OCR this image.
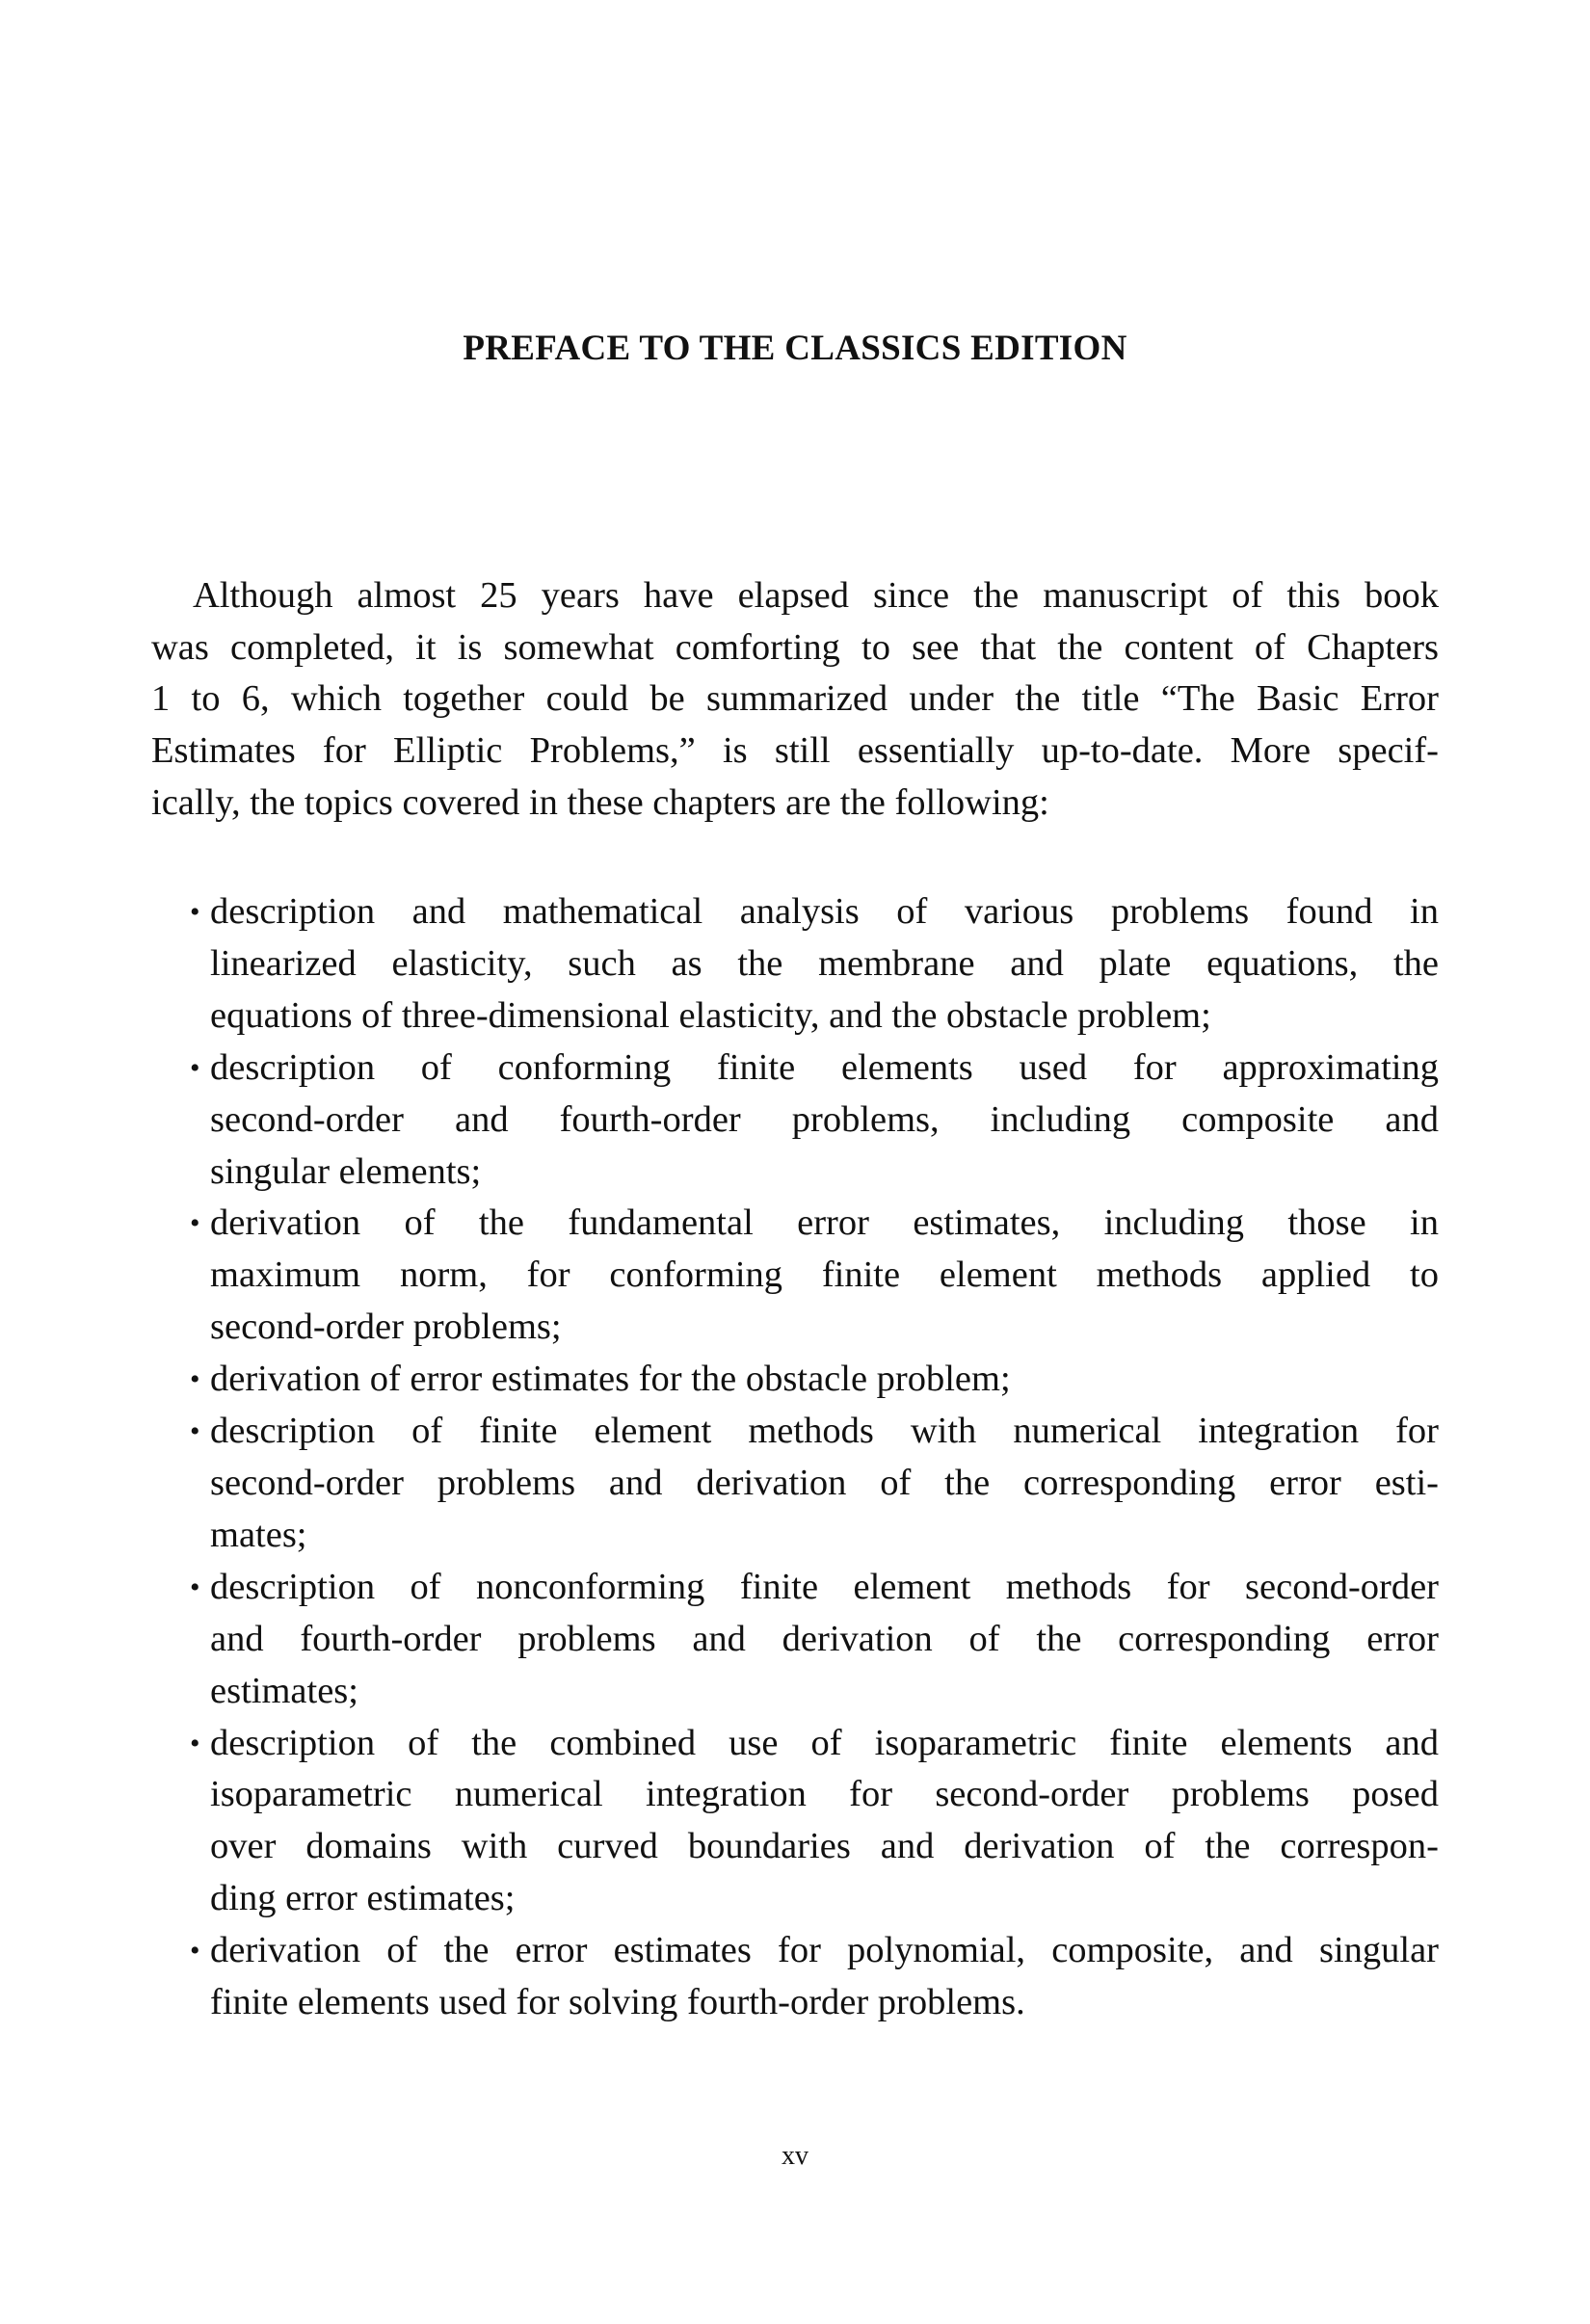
PREFACE TO THE CLASSICS EDITION
Although almost 25 years have elapsed since the manuscript of this book
was completed, it is somewhat comforting to see that the content of Chapters
1 to 6, which together could be summarized under the title “The Basic Error
Estimates for Elliptic Problems,” is still essentially up-to-date. More specif-
ically, the topics covered in these chapters are the following:
• description and mathematical analysis of various problems found in
linearized elasticity, such as the membrane and plate equations, the
equations of three-dimensional elasticity, and the obstacle problem;
• description of conforming finite elements used for approximating
second-order and fourth-order problems, including composite and
singular elements;
• derivation of the fundamental error estimates, including those in
maximum norm, for conforming finite element methods applied to
second-order problems;
• derivation of error estimates for the obstacle problem;
• description of finite element methods with numerical integration for
second-order problems and derivation of the corresponding error esti-
mates;
• description of nonconforming finite element methods for second-order
and fourth-order problems and derivation of the corresponding error
estimates;
• description of the combined use of isoparametric finite elements and
isoparametric numerical integration for second-order problems posed
over domains with curved boundaries and derivation of the correspon-
ding error estimates;
• derivation of the error estimates for polynomial, composite, and singular
finite elements used for solving fourth-order problems.
xv
